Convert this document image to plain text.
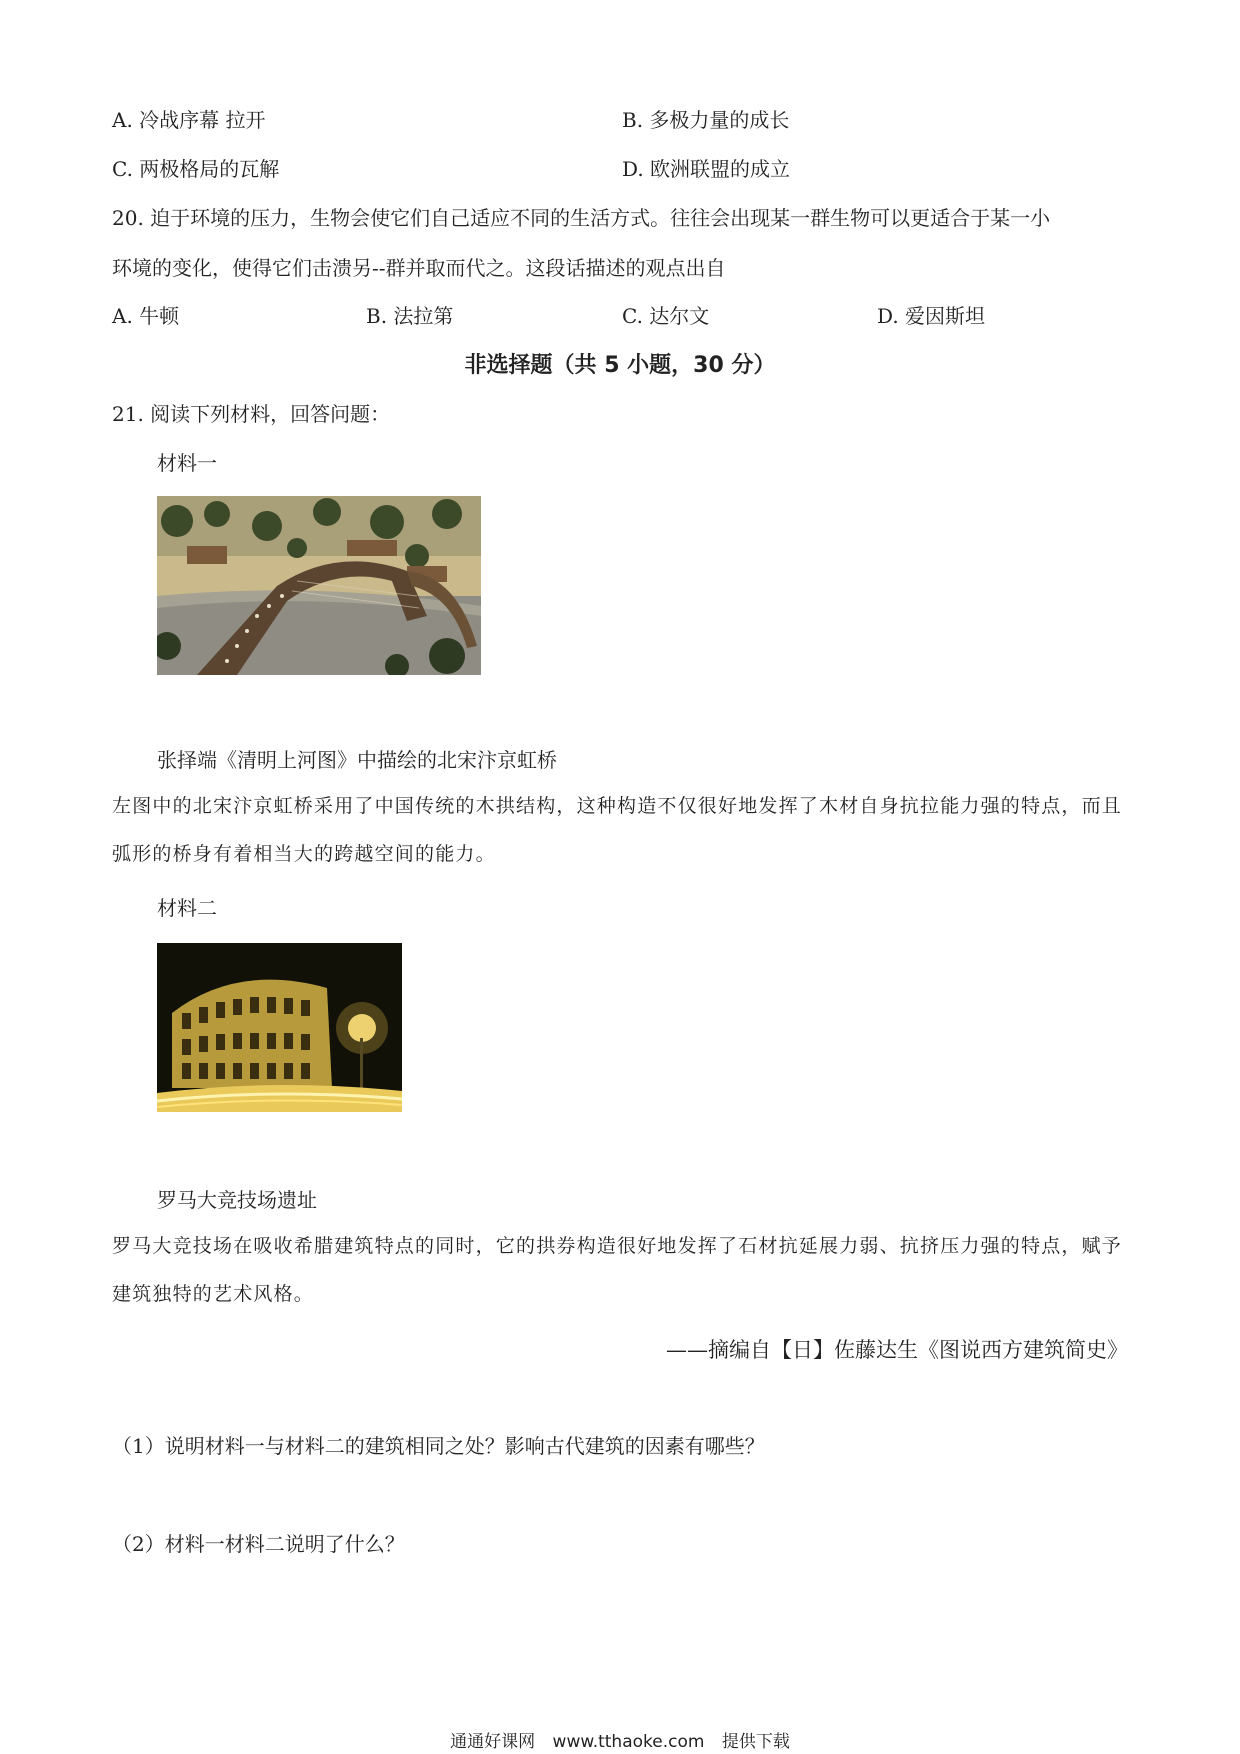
A. 冷战序幕 拉开	B. 多极力量的成长
C. 两极格局的瓦解	D. 欧洲联盟的成立
20. 迫于环境的压力，生物会使它们自己适应不同的生活方式。往往会出现某一群生物可以更适合于某一小
环境的变化，使得它们击溃另--群并取而代之。这段话描述的观点出自
A. 牛顿	B. 法拉第	C. 达尔文	D. 爱因斯坦
非选择题（共 5 小题，30 分）
21. 阅读下列材料，回答问题：
材料一
张择端《清明上河图》中描绘的北宋汴京虹桥
左图中的北宋汴京虹桥采用了中国传统的木拱结构，这种构造不仅很好地发挥了木材自身抗拉能力强的特点，而且弧形的桥身有着相当大的跨越空间的能力。
材料二
罗马大竞技场遗址
罗马大竞技场在吸收希腊建筑特点的同时，它的拱券构造很好地发挥了石材抗延展力弱、抗挤压力强的特点，赋予建筑独特的艺术风格。
——摘编自【日】佐藤达生《图说西方建筑简史》
（1）说明材料一与材料二的建筑相同之处？影响古代建筑的因素有哪些？
（2）材料一材料二说明了什么？
通通好课网 www.tthaoke.com 提供下载
